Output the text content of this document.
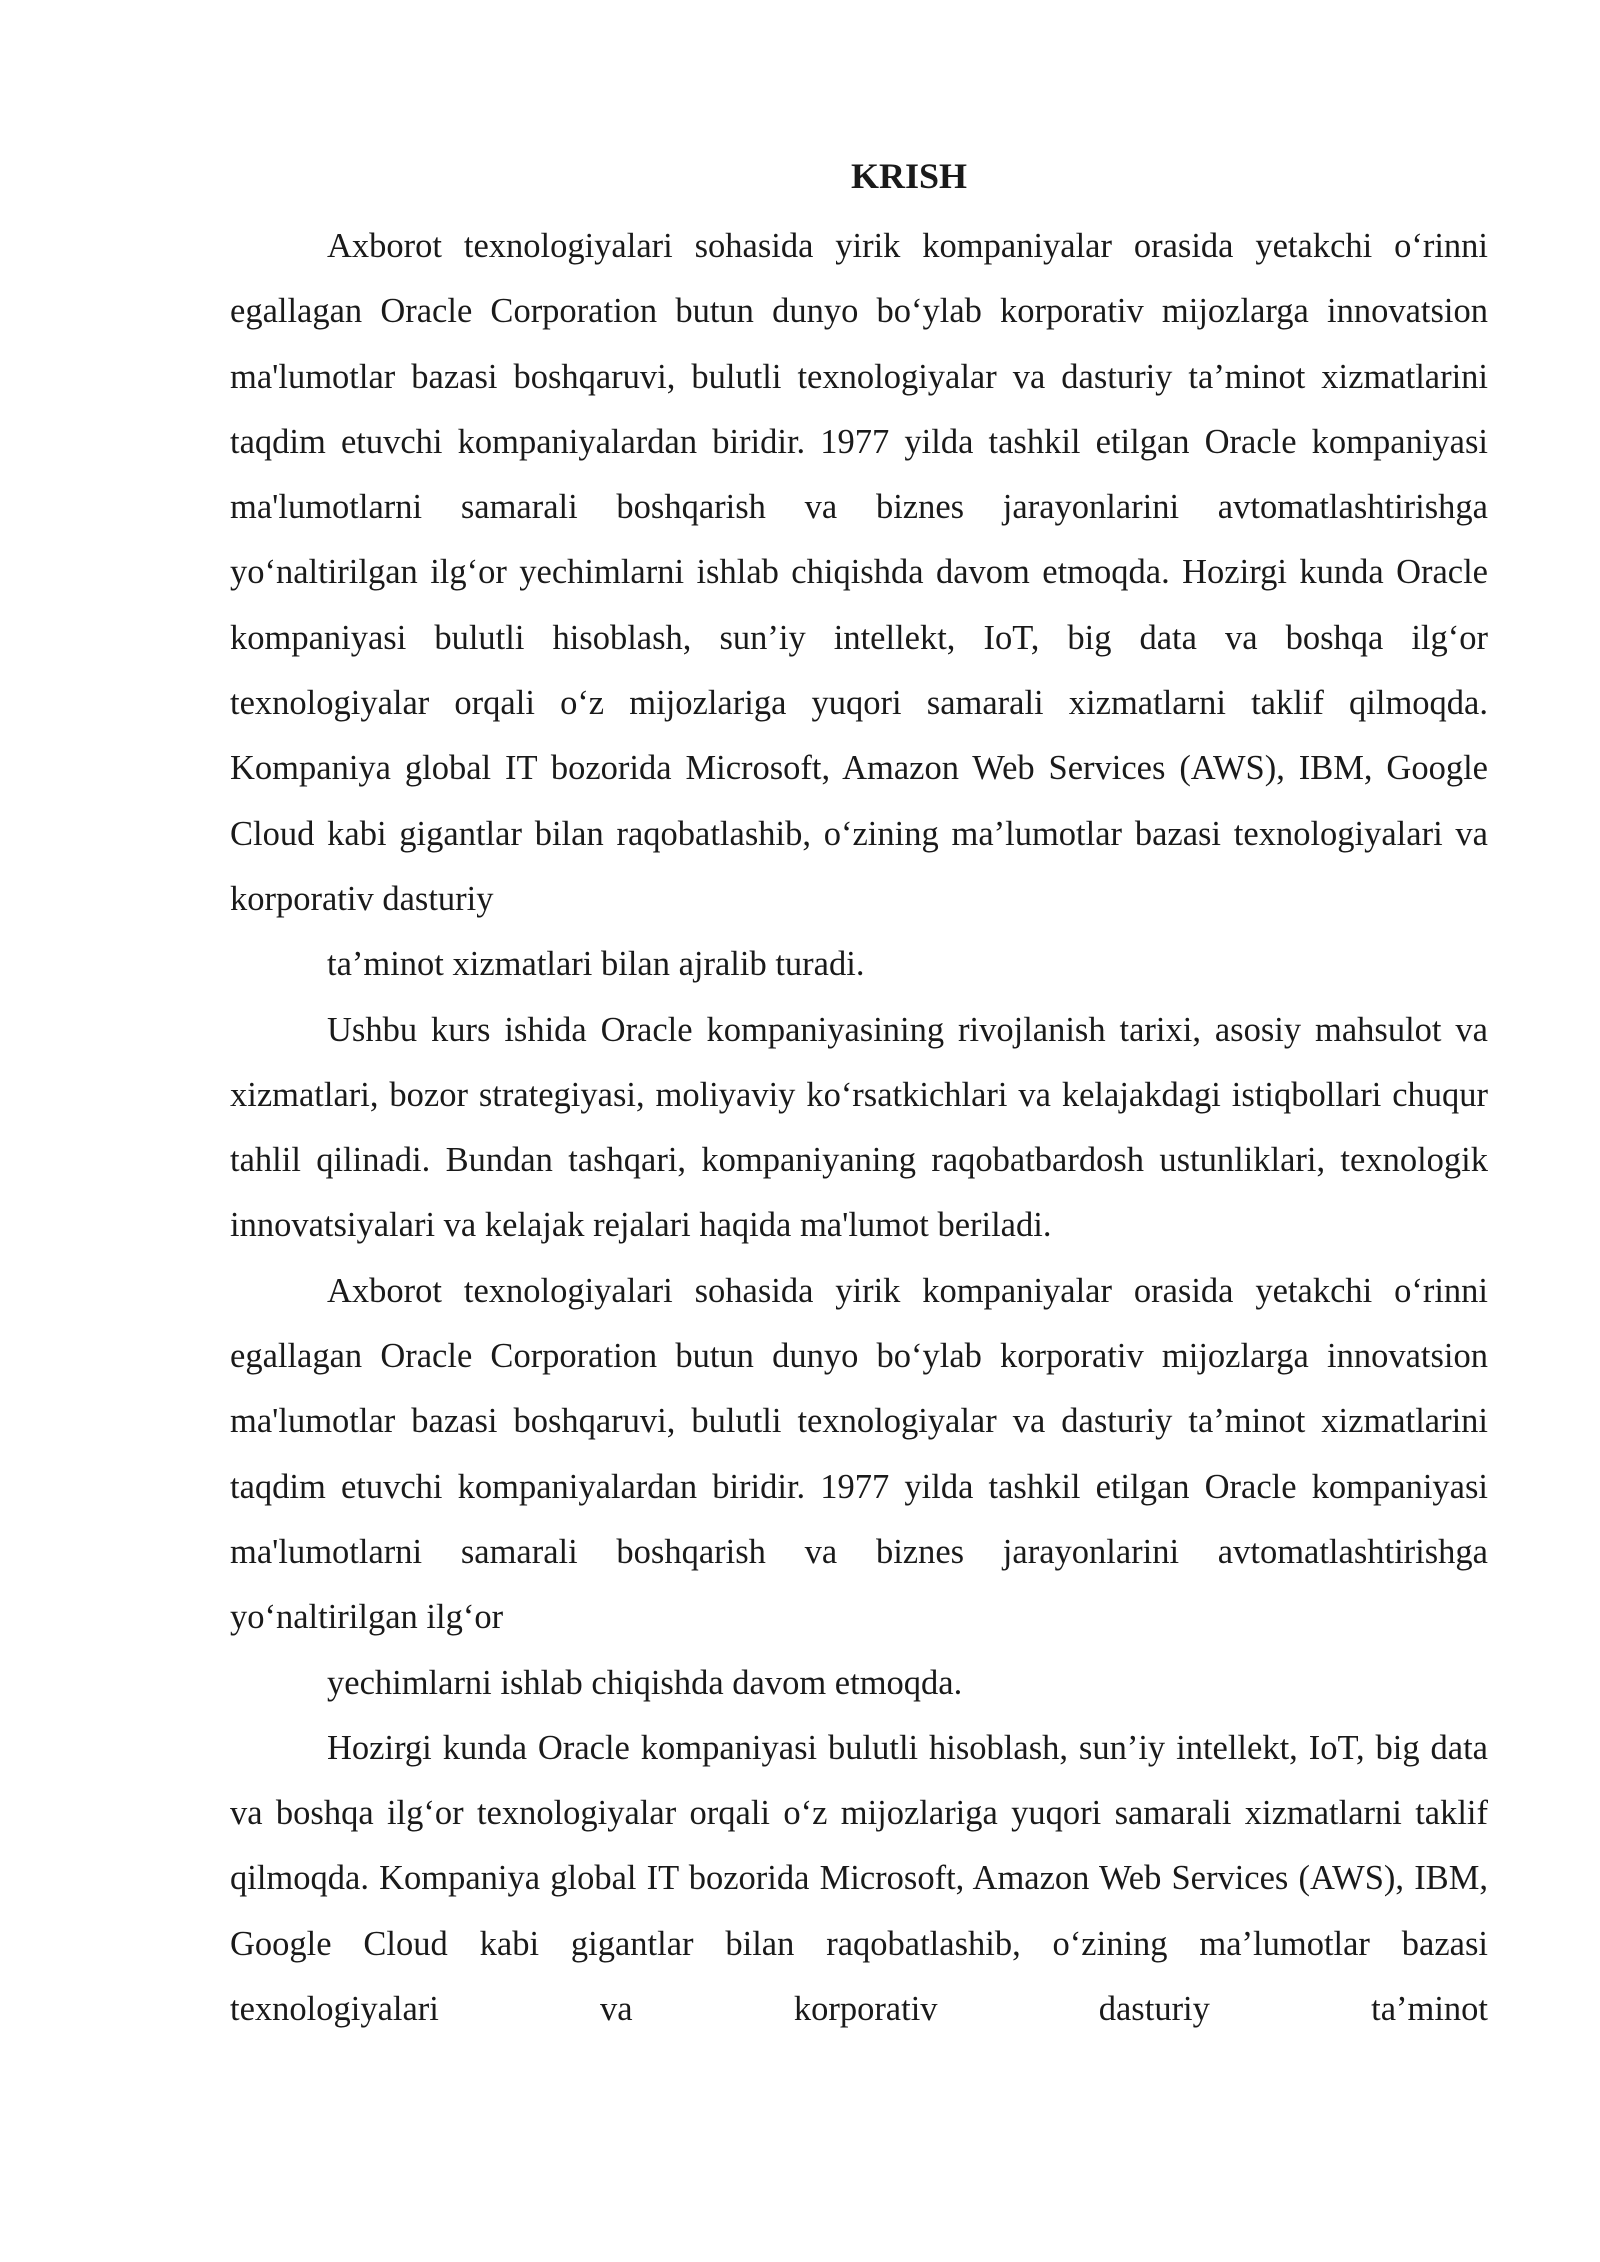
KRISH

Axborot texnologiyalari sohasida yirik kompaniyalar orasida yetakchi o‘rinni egallagan Oracle Corporation butun dunyo bo‘ylab korporativ mijozlarga innovatsion ma'lumotlar bazasi boshqaruvi, bulutli texnologiyalar va dasturiy ta’minot xizmatlarini taqdim etuvchi kompaniyalardan biridir. 1977 yilda tashkil etilgan Oracle kompaniyasi ma'lumotlarni samarali boshqarish va biznes jarayonlarini avtomatlashtirishga yo‘naltirilgan ilg‘or yechimlarni ishlab chiqishda davom etmoqda. Hozirgi kunda Oracle kompaniyasi bulutli hisoblash, sun’iy intellekt, IoT, big data va boshqa ilg‘or texnologiyalar orqali o‘z mijozlariga yuqori samarali xizmatlarni taklif qilmoqda. Kompaniya global IT bozorida Microsoft, Amazon Web Services (AWS), IBM, Google Cloud kabi gigantlar bilan raqobatlashib, o‘zining ma’lumotlar bazasi texnologiyalari va korporativ dasturiy

ta’minot xizmatlari bilan ajralib turadi.

Ushbu kurs ishida Oracle kompaniyasining rivojlanish tarixi, asosiy mahsulot va xizmatlari, bozor strategiyasi, moliyaviy ko‘rsatkichlari va kelajakdagi istiqbollari chuqur tahlil qilinadi. Bundan tashqari, kompaniyaning raqobatbardosh ustunliklari, texnologik innovatsiyalari va kelajak rejalari haqida ma'lumot beriladi.

Axborot texnologiyalari sohasida yirik kompaniyalar orasida yetakchi o‘rinni egallagan Oracle Corporation butun dunyo bo‘ylab korporativ mijozlarga innovatsion ma'lumotlar bazasi boshqaruvi, bulutli texnologiyalar va dasturiy ta’minot xizmatlarini taqdim etuvchi kompaniyalardan biridir. 1977 yilda tashkil etilgan Oracle kompaniyasi ma'lumotlarni samarali boshqarish va biznes jarayonlarini avtomatlashtirishga yo‘naltirilgan ilg‘or

yechimlarni ishlab chiqishda davom etmoqda.

Hozirgi kunda Oracle kompaniyasi bulutli hisoblash, sun’iy intellekt, IoT, big data va boshqa ilg‘or texnologiyalar orqali o‘z mijozlariga yuqori samarali xizmatlarni taklif qilmoqda. Kompaniya global IT bozorida Microsoft, Amazon Web Services (AWS), IBM, Google Cloud kabi gigantlar bilan raqobatlashib, o‘zining ma’lumotlar bazasi texnologiyalari va korporativ dasturiy ta’minot
